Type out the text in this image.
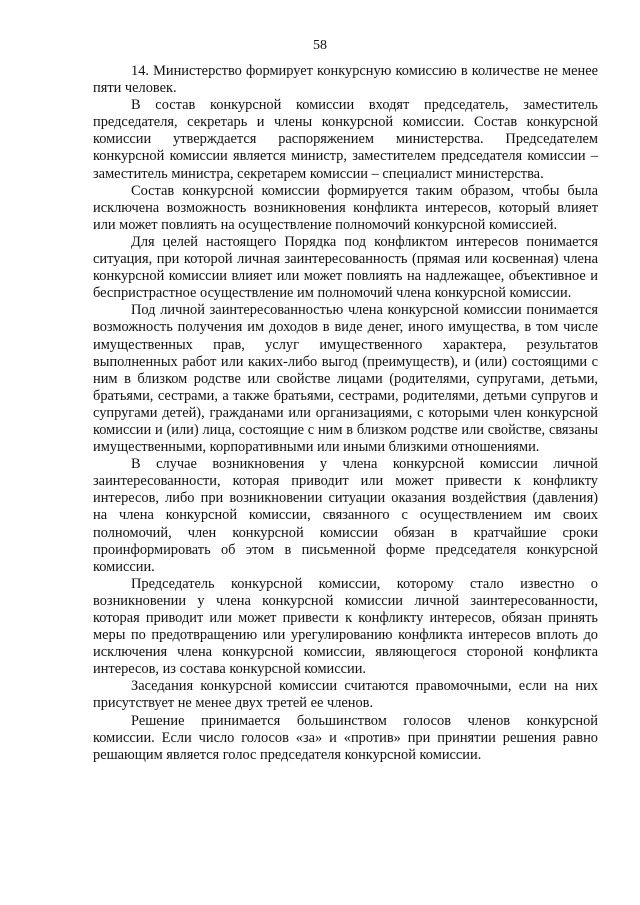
58

14. Министерство формирует конкурсную комиссию в количестве не менее пяти человек.

В состав конкурсной комиссии входят председатель, заместитель председателя, секретарь и члены конкурсной комиссии. Состав конкурсной комиссии утверждается распоряжением министерства. Председателем конкурсной комиссии является министр, заместителем председателя комиссии – заместитель министра, секретарем комиссии – специалист министерства.

Состав конкурсной комиссии формируется таким образом, чтобы была исключена возможность возникновения конфликта интересов, который влияет или может повлиять на осуществление полномочий конкурсной комиссией.

Для целей настоящего Порядка под конфликтом интересов понимается ситуация, при которой личная заинтересованность (прямая или косвенная) члена конкурсной комиссии влияет или может повлиять на надлежащее, объективное и беспристрастное осуществление им полномочий члена конкурсной комиссии.

Под личной заинтересованностью члена конкурсной комиссии понимается возможность получения им доходов в виде денег, иного имущества, в том числе имущественных прав, услуг имущественного характера, результатов выполненных работ или каких-либо выгод (преимуществ), и (или) состоящими с ним в близком родстве или свойстве лицами (родителями, супругами, детьми, братьями, сестрами, а также братьями, сестрами, родителями, детьми супругов и супругами детей), гражданами или организациями, с которыми член конкурсной комиссии и (или) лица, состоящие с ним в близком родстве или свойстве, связаны имущественными, корпоративными или иными близкими отношениями.

В случае возникновения у члена конкурсной комиссии личной заинтересованности, которая приводит или может привести к конфликту интересов, либо при возникновении ситуации оказания воздействия (давления) на члена конкурсной комиссии, связанного с осуществлением им своих полномочий, член конкурсной комиссии обязан в кратчайшие сроки проинформировать об этом в письменной форме председателя конкурсной комиссии.

Председатель конкурсной комиссии, которому стало известно о возникновении у члена конкурсной комиссии личной заинтересованности, которая приводит или может привести к конфликту интересов, обязан принять меры по предотвращению или урегулированию конфликта интересов вплоть до исключения члена конкурсной комиссии, являющегося стороной конфликта интересов, из состава конкурсной комиссии.

Заседания конкурсной комиссии считаются правомочными, если на них присутствует не менее двух третей ее членов.

Решение принимается большинством голосов членов конкурсной комиссии. Если число голосов «за» и «против» при принятии решения равно решающим является голос председателя конкурсной комиссии.
